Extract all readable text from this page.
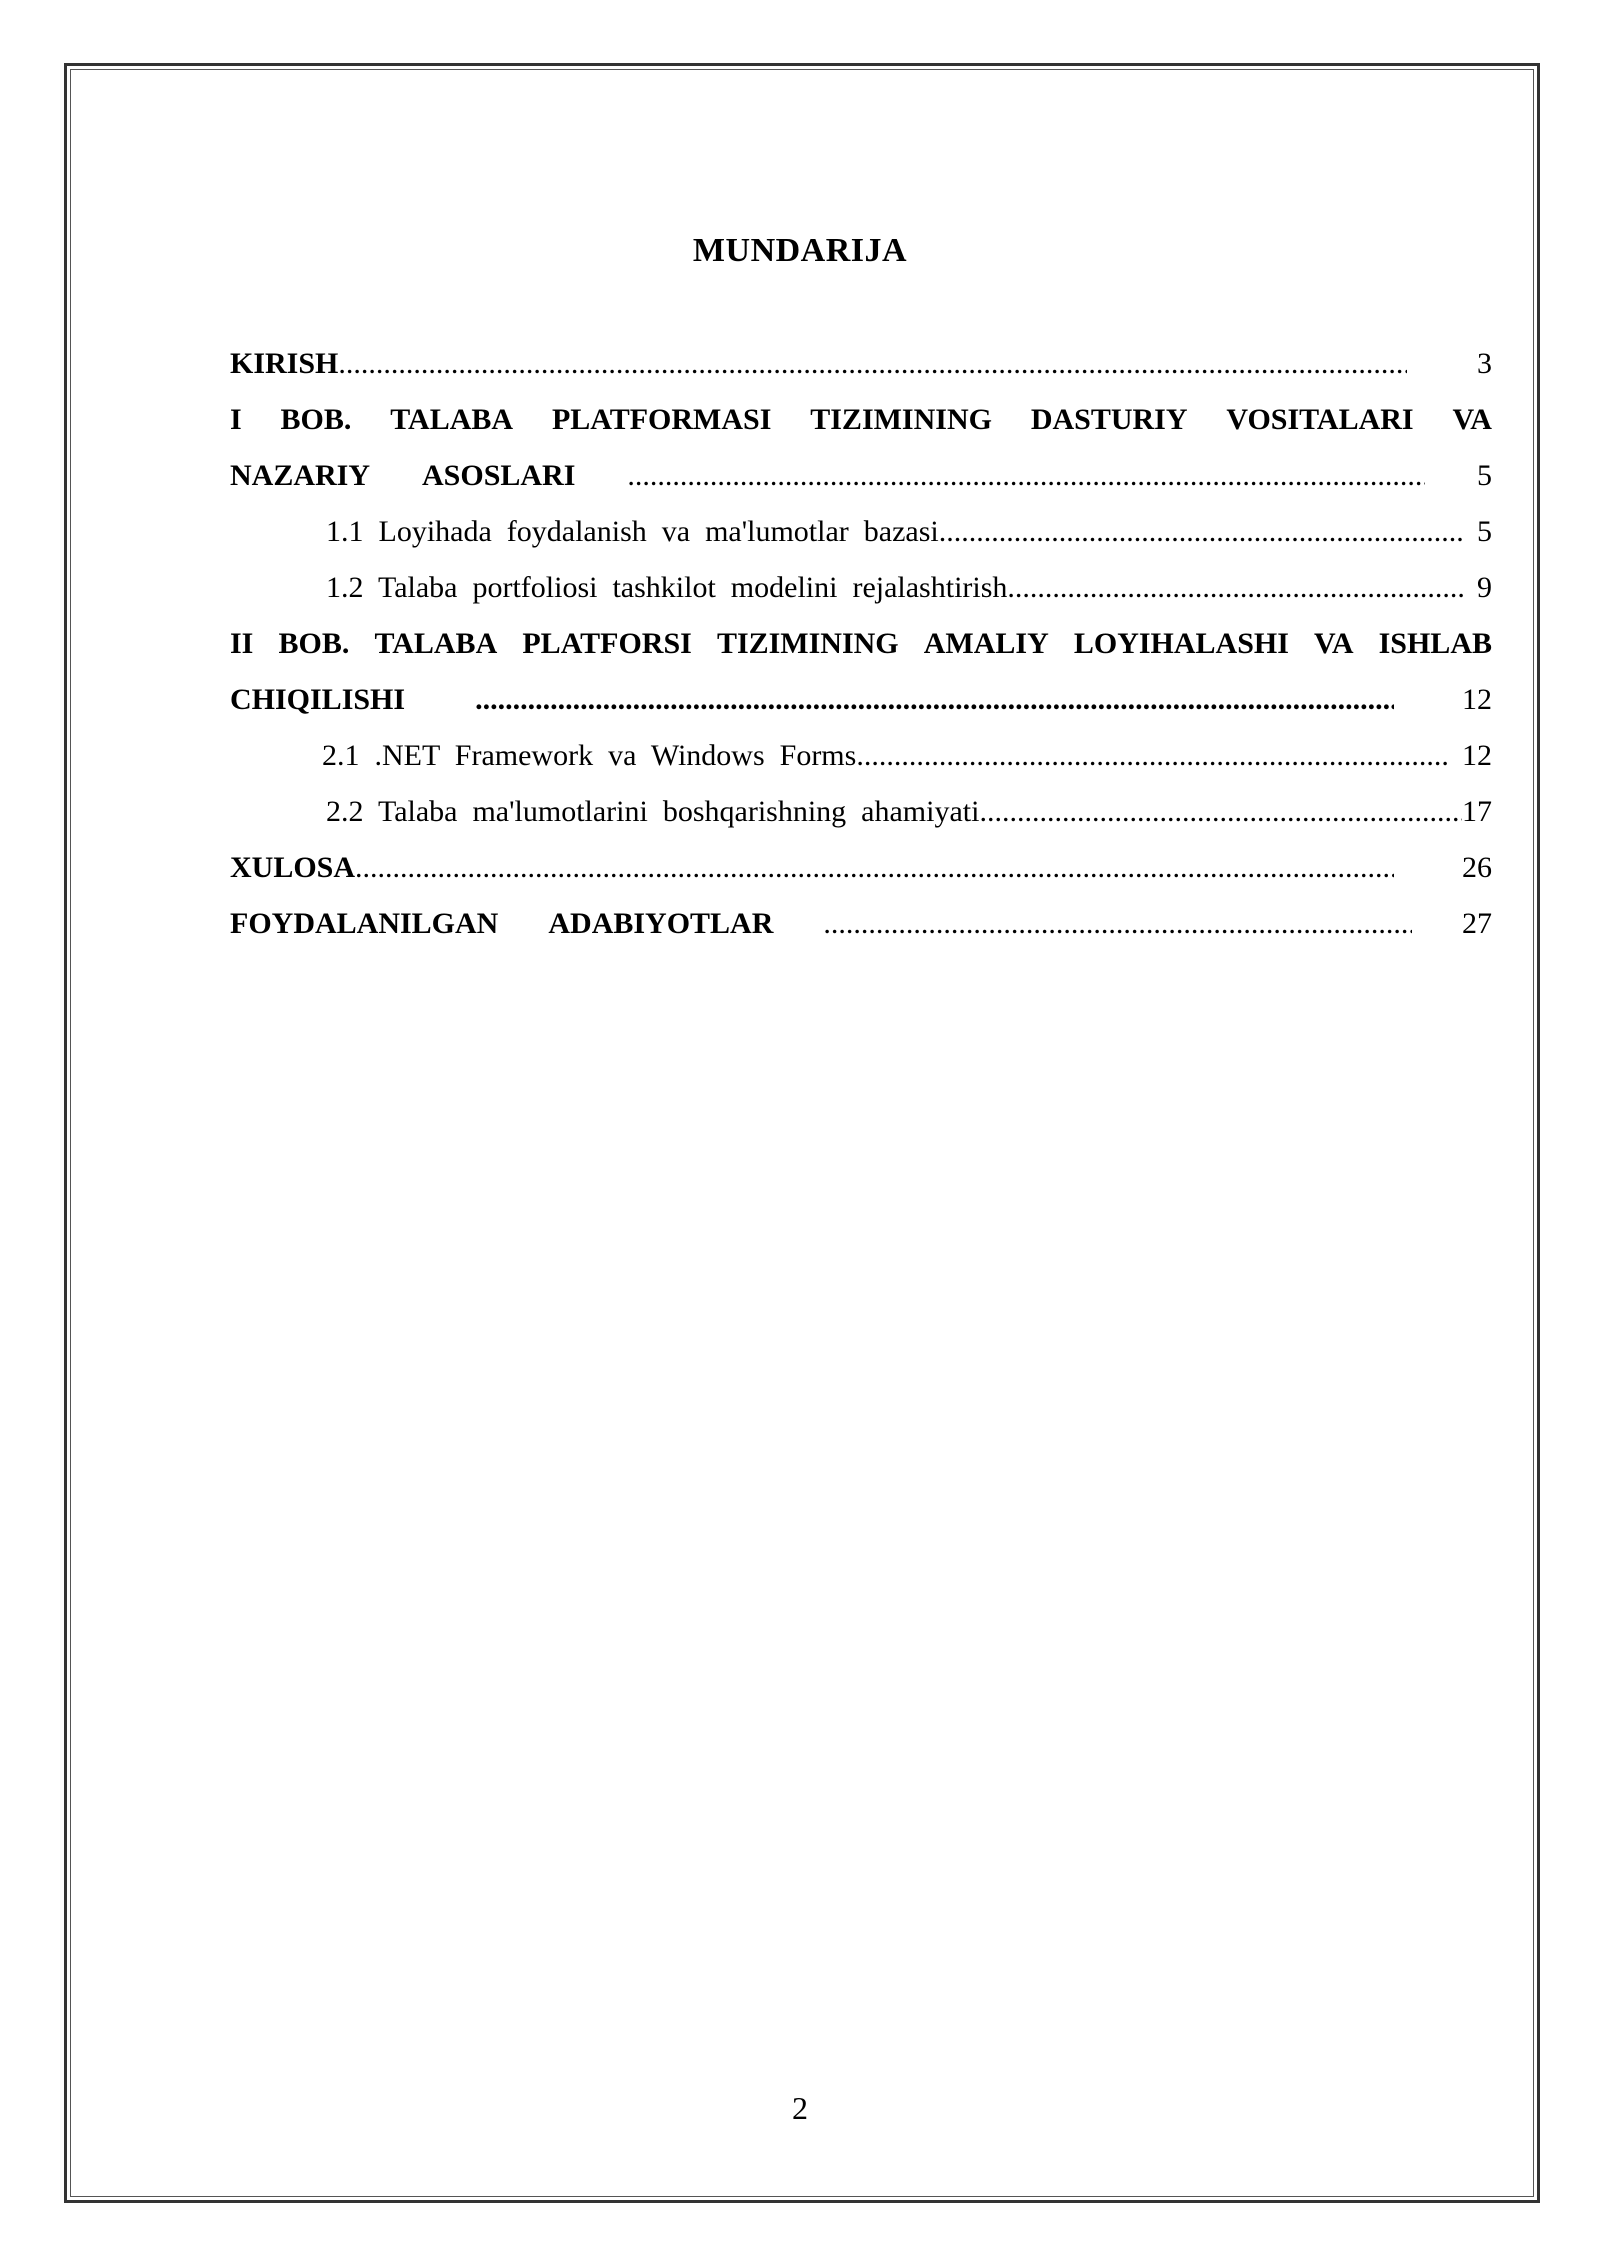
MUNDARIJA
KIRISH .....	3
I BOB. TALABA PLATFORMASI TIZIMINING DASTURIY VOSITALARI VA
NAZARIY ASOSLARI .....	5
1.1  Loyihada  foydalanish  va  ma'lumotlar  bazasi .....	5
1.2  Talaba  portfoliosi  tashkilot  modelini  rejalashtirish .....	9
II BOB. TALABA PLATFORSI TIZIMINING AMALIY LOYIHALASHI VA ISHLAB
CHIQILISHI .....	12
2.1  .NET  Framework  va  Windows  Forms .....	12
2.2  Talaba  ma'lumotlarini  boshqarishning  ahamiyati .....	17
XULOSA .....	26
FOYDALANILGAN ADABIYOTLAR .....	27
2
